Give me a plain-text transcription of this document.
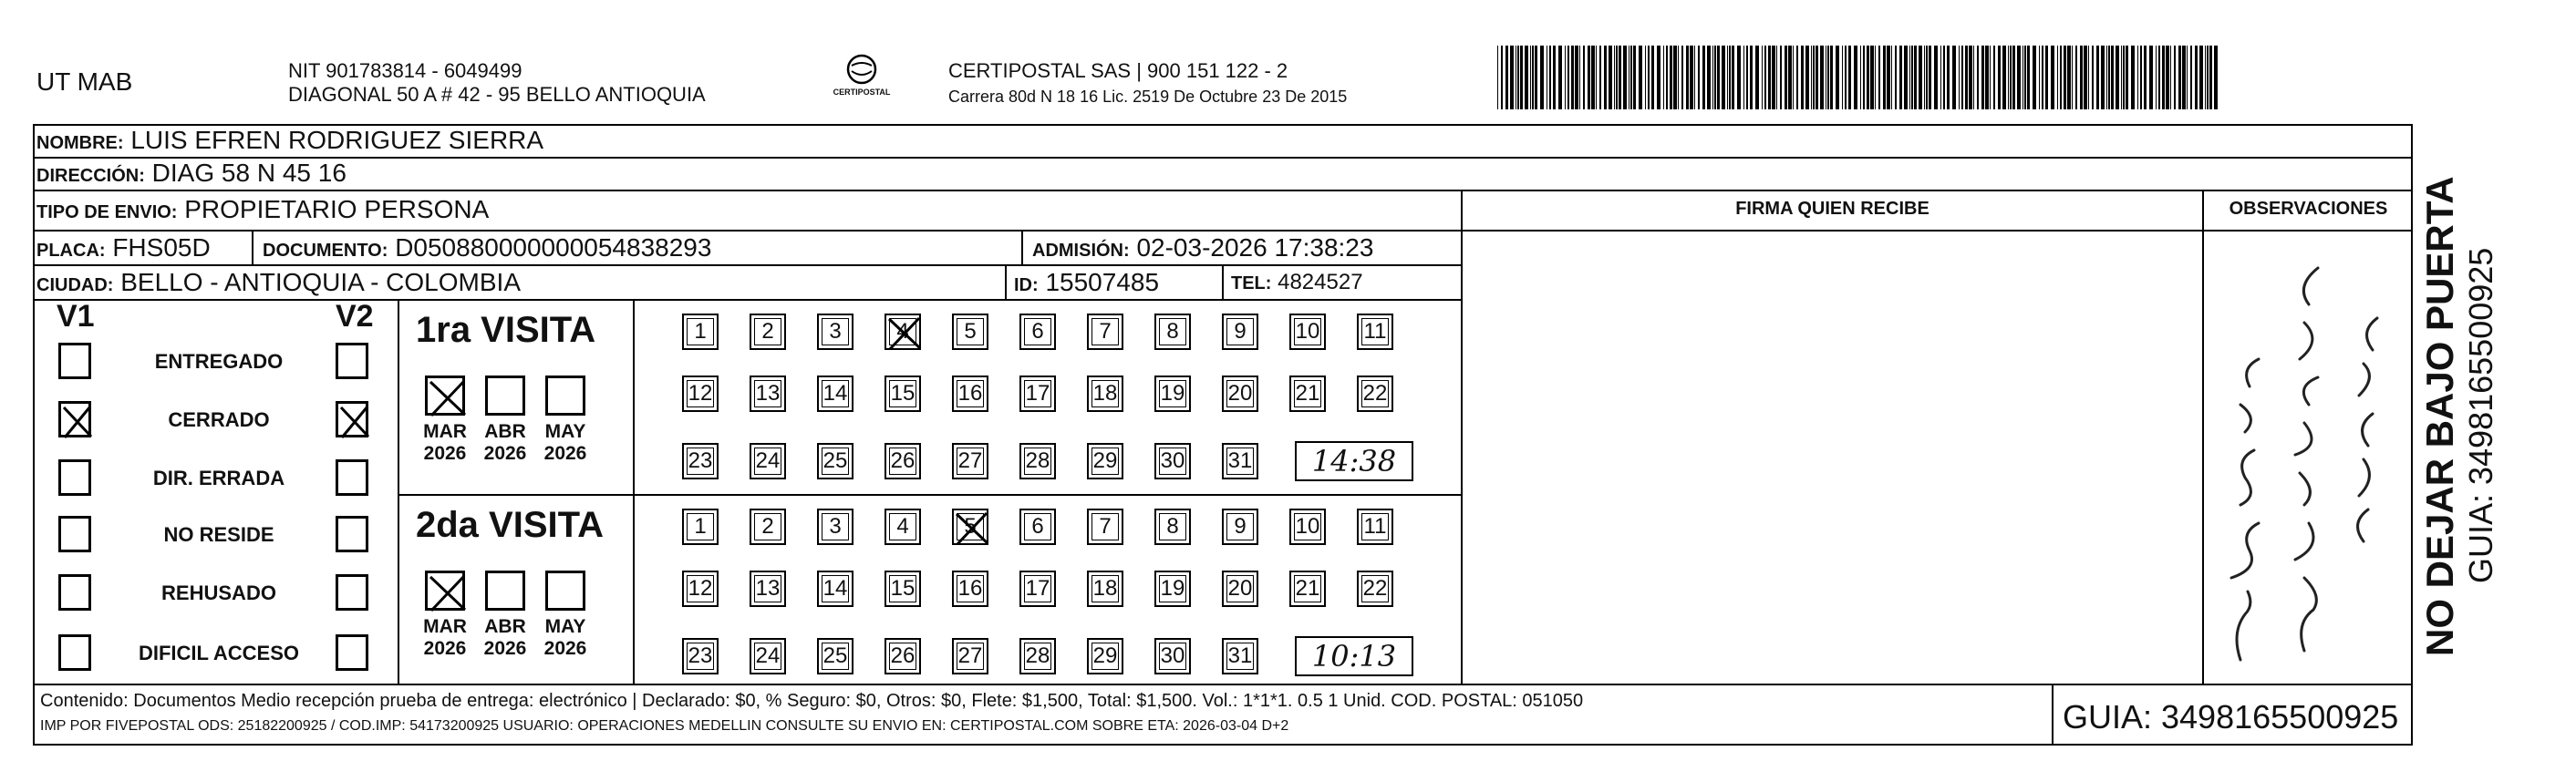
UT MAB	NIT 901783814 - 6049499
DIAGONAL 50 A # 42 - 95 BELLO ANTIOQUIA	CERTIPOSTAL
CERTIPOSTAL SAS | 900 151 122 - 2
Carrera 80d N 18 16 Lic. 2519 De Octubre 23 De 2015
NOMBRE: LUIS EFREN RODRIGUEZ SIERRA
DIRECCIÓN: DIAG 58 N 45 16
TIPO DE ENVIO: PROPIETARIO PERSONA
PLACA: FHS05D	DOCUMENTO: D050880000000054838293	ADMISIÓN: 02-03-2026 17:38:23
CIUDAD: BELLO - ANTIOQUIA - COLOMBIA	ID: 15507485	TEL: 4824527
FIRMA QUIEN RECIBE	OBSERVACIONES
V1	V2
ENTREGADO
CERRADO
DIR. ERRADA
NO RESIDE
REHUSADO
DIFICIL ACCESO
1ra VISITA
MAR
2026
ABR
2026
MAY
2026
1	2	3	4	5	6	7	8	9 10 11
12 13 14 15 16 17 18 19 20 21 22
23 24 25 26 27 28 29 30 31	14:38
2da VISITA
MAR
2026
ABR
2026
MAY
2026
1	2	3	4	5	6	7	8	9 10 11
12 13 14 15 16 17 18 19 20 21 22
23 24 25 26 27 28 29 30 31	10:13
Contenido: Documentos Medio recepción prueba de entrega: electrónico | Declarado: $0, % Seguro: $0, Otros: $0, Flete: $1,500, Total: $1,500. Vol.: 1*1*1. 0.5 1 Unid. COD. POSTAL: 051050
IMP POR FIVEPOSTAL ODS: 25182200925 / COD.IMP: 54173200925 USUARIO: OPERACIONES MEDELLIN CONSULTE SU ENVIO EN: CERTIPOSTAL.COM SOBRE ETA: 2026-03-04 D+2	GUIA: 3498165500925
NO DEJAR BAJO PUERTA GUIA: 3498165500925
